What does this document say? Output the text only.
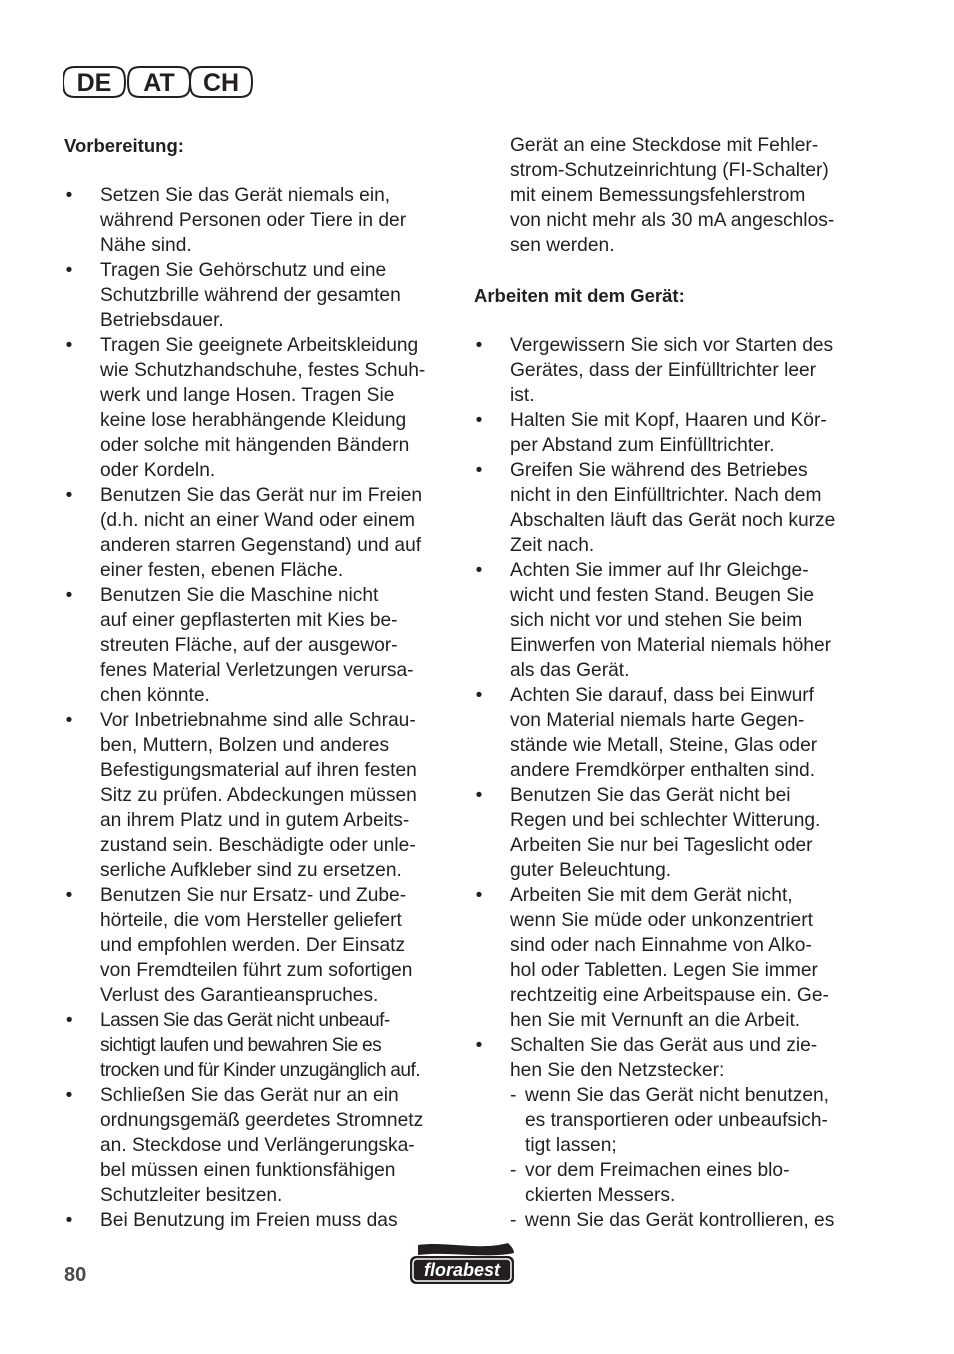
DE AT CH

Vorbereitung:

• Setzen Sie das Gerät niemals ein,
während Personen oder Tiere in der
Nähe sind.
• Tragen Sie Gehörschutz und eine
Schutzbrille während der gesamten
Betriebsdauer.
• Tragen Sie geeignete Arbeitskleidung
wie Schutzhandschuhe, festes Schuh-
werk und lange Hosen. Tragen Sie
keine lose herabhängende Kleidung
oder solche mit hängenden Bändern
oder Kordeln.
• Benutzen Sie das Gerät nur im Freien
(d.h. nicht an einer Wand oder einem
anderen starren Gegenstand) und auf
einer festen, ebenen Fläche.
• Benutzen Sie die Maschine nicht
auf einer gepflasterten mit Kies be-
streuten Fläche, auf der ausgewor-
fenes Material Verletzungen verursa-
chen könnte.
• Vor Inbetriebnahme sind alle Schrau-
ben, Muttern, Bolzen und anderes
Befestigungsmaterial auf ihren festen
Sitz zu prüfen. Abdeckungen müssen
an ihrem Platz und in gutem Arbeits-
zustand sein. Beschädigte oder unle-
serliche Aufkleber sind zu ersetzen.
• Benutzen Sie nur Ersatz- und Zube-
hörteile, die vom Hersteller geliefert
und empfohlen werden. Der Einsatz
von Fremdteilen führt zum sofortigen
Verlust des Garantieanspruches.
• Lassen Sie das Gerät nicht unbeauf-
sichtigt laufen und bewahren Sie es
trocken und für Kinder unzugänglich auf.
• Schließen Sie das Gerät nur an ein
ordnungsgemäß geerdetes Stromnetz
an. Steckdose und Verlängerungska-
bel müssen einen funktionsfähigen
Schutzleiter besitzen.
• Bei Benutzung im Freien muss das
Gerät an eine Steckdose mit Fehler-
strom-Schutzeinrichtung (FI-Schalter)
mit einem Bemessungsfehlerstrom
von nicht mehr als 30 mA angeschlos-
sen werden.

Arbeiten mit dem Gerät:

• Vergewissern Sie sich vor Starten des
Gerätes, dass der Einfülltrichter leer
ist.
• Halten Sie mit Kopf, Haaren und Kör-
per Abstand zum Einfülltrichter.
• Greifen Sie während des Betriebes
nicht in den Einfülltrichter. Nach dem
Abschalten läuft das Gerät noch kurze
Zeit nach.
• Achten Sie immer auf Ihr Gleichge-
wicht und festen Stand. Beugen Sie
sich nicht vor und stehen Sie beim
Einwerfen von Material niemals höher
als das Gerät.
• Achten Sie darauf, dass bei Einwurf
von Material niemals harte Gegen-
stände wie Metall, Steine, Glas oder
andere Fremdkörper enthalten sind.
• Benutzen Sie das Gerät nicht bei
Regen und bei schlechter Witterung.
Arbeiten Sie nur bei Tageslicht oder
guter Beleuchtung.
• Arbeiten Sie mit dem Gerät nicht,
wenn Sie müde oder unkonzentriert
sind oder nach Einnahme von Alko-
hol oder Tabletten. Legen Sie immer
rechtzeitig eine Arbeitspause ein. Ge-
hen Sie mit Vernunft an die Arbeit.
• Schalten Sie das Gerät aus und zie-
hen Sie den Netzstecker:
- wenn Sie das Gerät nicht benutzen,
es transportieren oder unbeaufsich-
tigt lassen;
- vor dem Freimachen eines blo-
ckierten Messers.
- wenn Sie das Gerät kontrollieren, es
80	florabest
